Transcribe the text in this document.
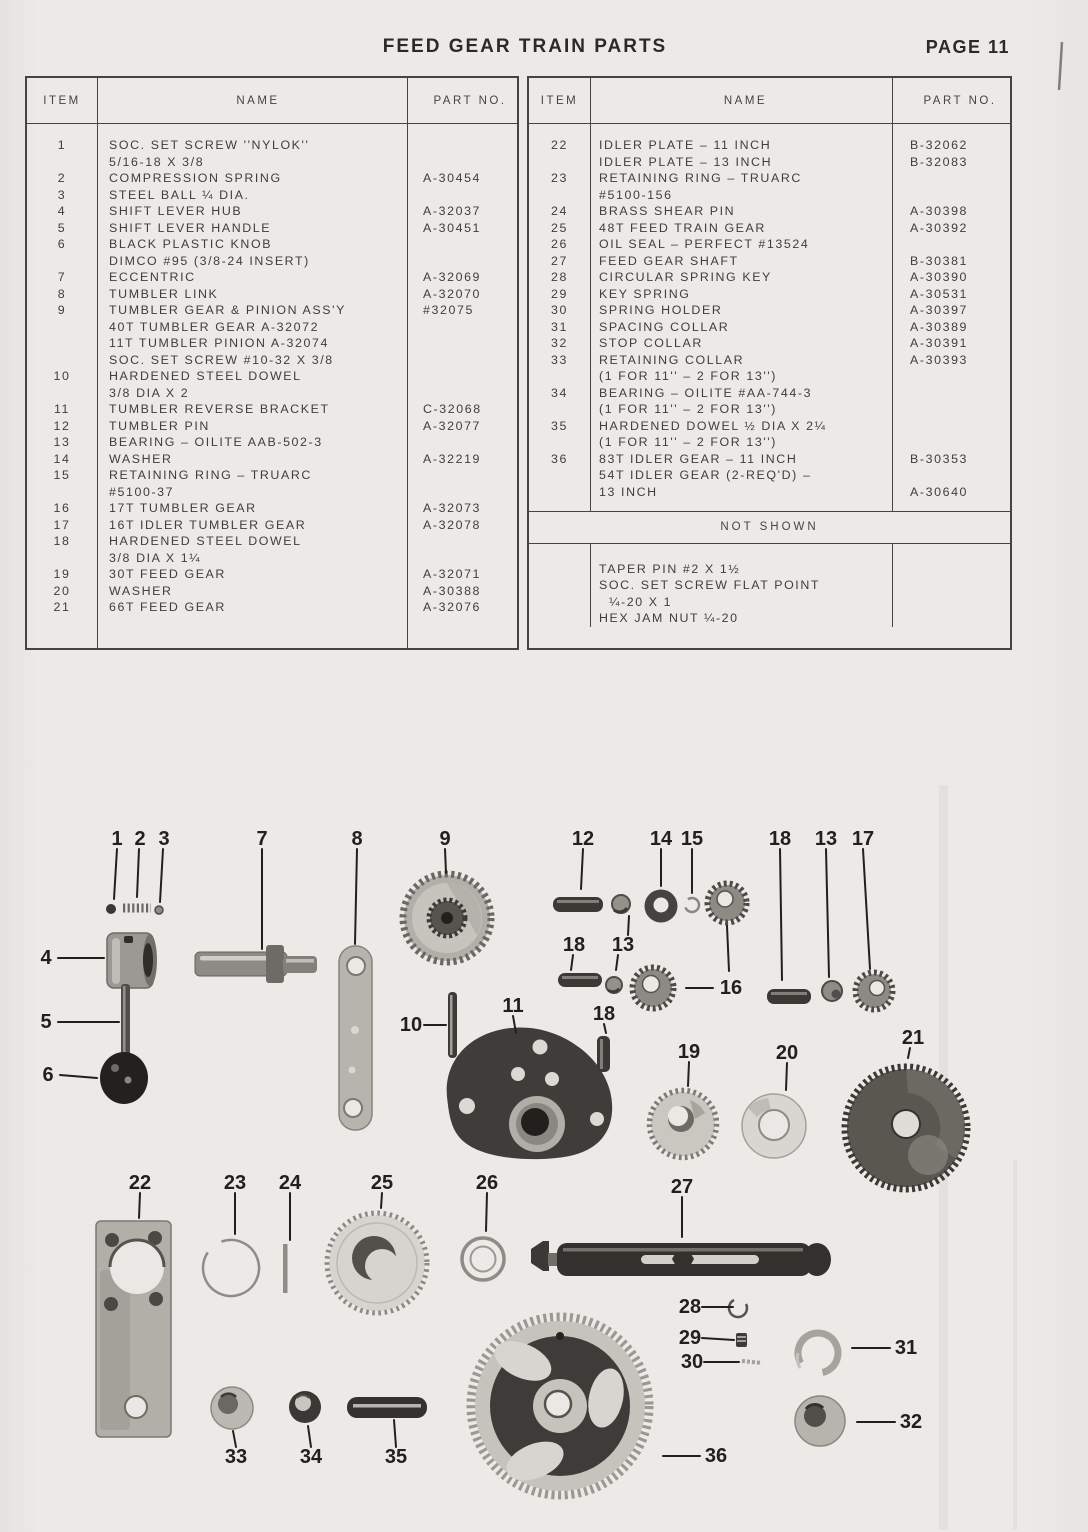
1 2 3
4
5
6
7	8	9
10
11
12	14 15	18 13 17
18 13
16
18
19	20
21
22	23 24	25	26	27
28
29
30
31
32
33	34	35	36
FEED GEAR TRAIN PARTS	PAGE 11
ITEM	NAME	PART NO.
1	SOC. SET SCREW ''NYLOK''
5/16-18 X 3/8
2	COMPRESSION SPRING	A-30454
3	STEEL BALL ¼ DIA.
4	SHIFT LEVER HUB	A-32037
5	SHIFT LEVER HANDLE	A-30451
6	BLACK PLASTIC KNOB
DIMCO #95 (3/8-24 INSERT)
7	ECCENTRIC	A-32069
8	TUMBLER LINK	A-32070
9	TUMBLER GEAR & PINION ASS'Y	#32075
40T TUMBLER GEAR A-32072
11T TUMBLER PINION A-32074
SOC. SET SCREW #10-32 X 3/8
10	HARDENED STEEL DOWEL
3/8 DIA X 2
11	TUMBLER REVERSE BRACKET	C-32068
12	TUMBLER PIN	A-32077
13	BEARING – OILITE AAB-502-3
14	WASHER	A-32219
15	RETAINING RING – TRUARC
#5100-37
16	17T TUMBLER GEAR	A-32073
17	16T IDLER TUMBLER GEAR	A-32078
18	HARDENED STEEL DOWEL
3/8 DIA X 1¼
19	30T FEED GEAR	A-32071
20	WASHER	A-30388
21	66T FEED GEAR	A-32076
ITEM	NAME	PART NO.
22	IDLER PLATE – 11 INCH	B-32062
IDLER PLATE – 13 INCH	B-32083
23	RETAINING RING – TRUARC
#5100-156
24	BRASS SHEAR PIN	A-30398
25	48T FEED TRAIN GEAR	A-30392
26	OIL SEAL – PERFECT #13524
27	FEED GEAR SHAFT	B-30381
28	CIRCULAR SPRING KEY	A-30390
29	KEY SPRING	A-30531
30	SPRING HOLDER	A-30397
31	SPACING COLLAR	A-30389
32	STOP COLLAR	A-30391
33	RETAINING COLLAR	A-30393
(1 FOR 11'' – 2 FOR 13'')
34	BEARING – OILITE #AA-744-3
(1 FOR 11'' – 2 FOR 13'')
35	HARDENED DOWEL ½ DIA X 2¼
(1 FOR 11'' – 2 FOR 13'')
36	83T IDLER GEAR – 11 INCH	B-30353
54T IDLER GEAR (2-REQ'D) –
13 INCH	A-30640
NOT SHOWN
TAPER PIN #2 X 1½
SOC. SET SCREW FLAT POINT
¼-20 X 1
HEX JAM NUT ¼-20
